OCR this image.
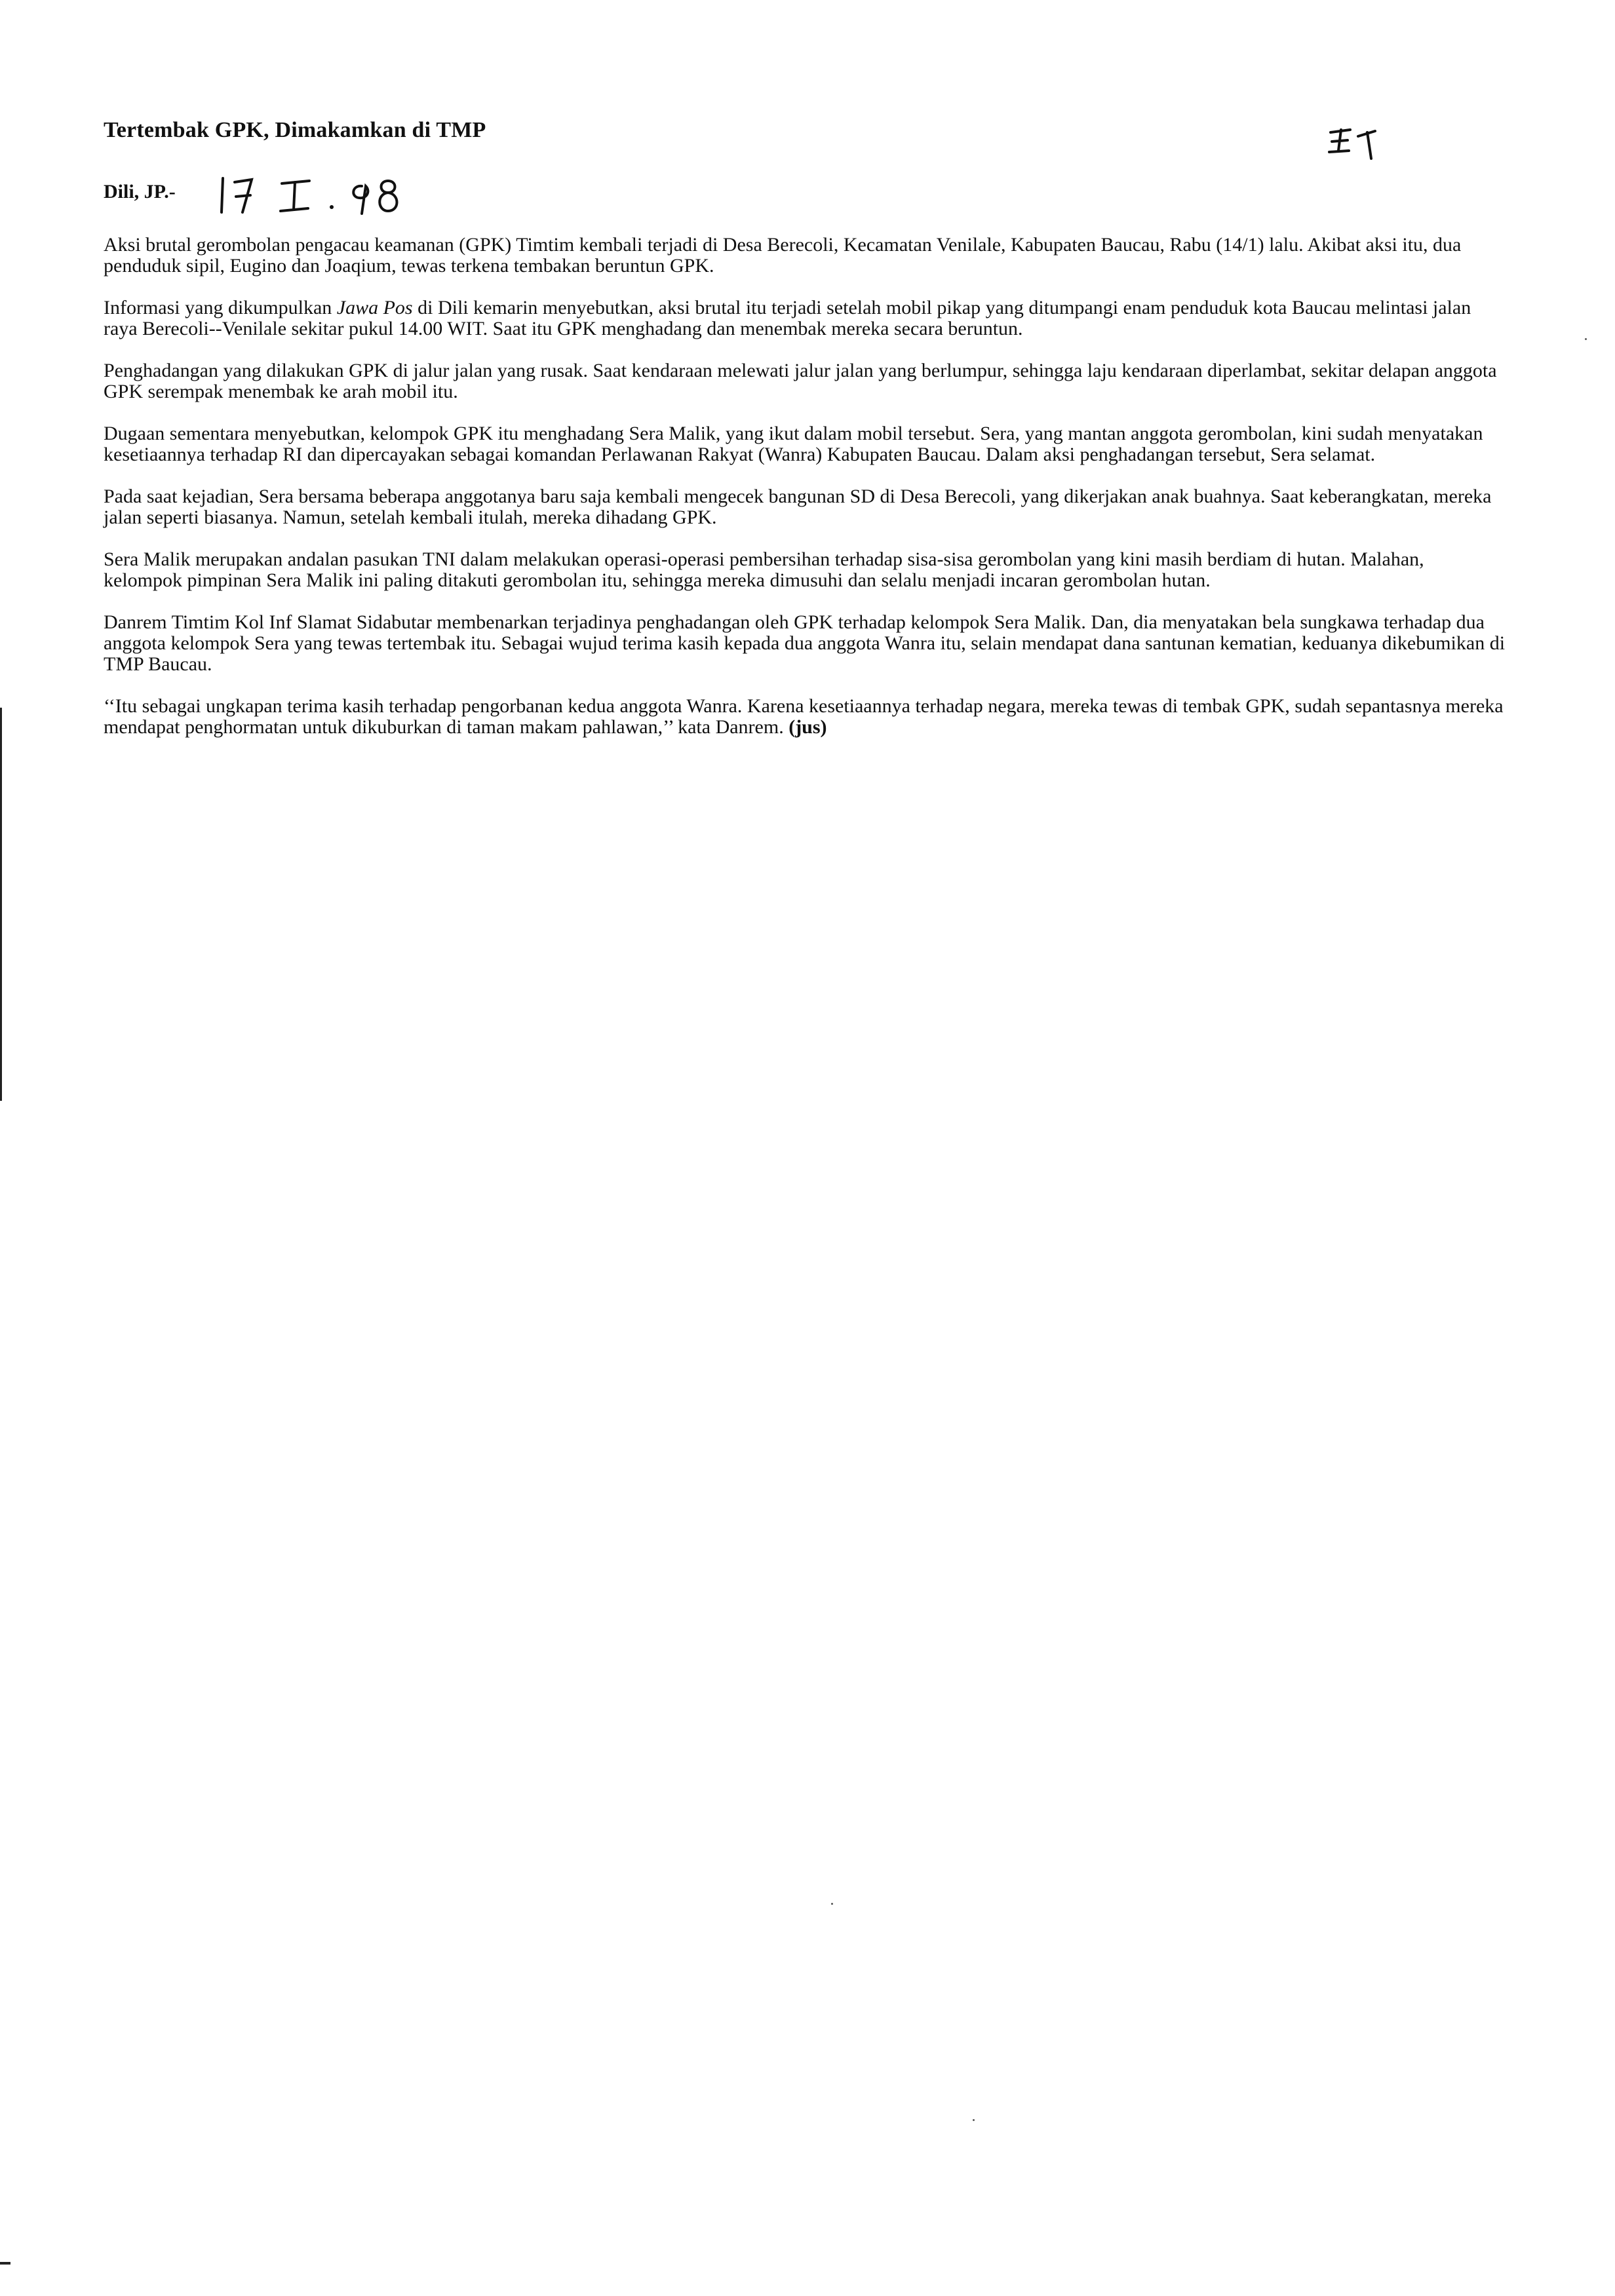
Tertembak GPK, Dimakamkan di TMP
Dili, JP.-

Aksi brutal gerombolan pengacau keamanan (GPK) Timtim kembali terjadi di Desa Berecoli, Kecamatan Venilale, Kabupaten Baucau, Rabu (14/1) lalu. Akibat aksi itu, dua penduduk sipil, Eugino dan Joaqium, tewas terkena tembakan beruntun GPK.

Informasi yang dikumpulkan Jawa Pos di Dili kemarin menyebutkan, aksi brutal itu terjadi setelah mobil pikap yang ditumpangi enam penduduk kota Baucau melintasi jalan raya Berecoli--Venilale sekitar pukul 14.00 WIT. Saat itu GPK menghadang dan menembak mereka secara beruntun.

Penghadangan yang dilakukan GPK di jalur jalan yang rusak. Saat kendaraan melewati jalur jalan yang berlumpur, sehingga laju kendaraan diperlambat, sekitar delapan anggota GPK serempak menembak ke arah mobil itu.

Dugaan sementara menyebutkan, kelompok GPK itu menghadang Sera Malik, yang ikut dalam mobil tersebut. Sera, yang mantan anggota gerombolan, kini sudah menyatakan kesetiaannya terhadap RI dan dipercayakan sebagai komandan Perlawanan Rakyat (Wanra) Kabupaten Baucau. Dalam aksi penghadangan tersebut, Sera selamat.

Pada saat kejadian, Sera bersama beberapa anggotanya baru saja kembali mengecek bangunan SD di Desa Berecoli, yang dikerjakan anak buahnya. Saat keberangkatan, mereka jalan seperti biasanya. Namun, setelah kembali itulah, mereka dihadang GPK.

Sera Malik merupakan andalan pasukan TNI dalam melakukan operasi-operasi pembersihan terhadap sisa-sisa gerombolan yang kini masih berdiam di hutan. Malahan, kelompok pimpinan Sera Malik ini paling ditakuti gerombolan itu, sehingga mereka dimusuhi dan selalu menjadi incaran gerombolan hutan.

Danrem Timtim Kol Inf Slamat Sidabutar membenarkan terjadinya penghadangan oleh GPK terhadap kelompok Sera Malik. Dan, dia menyatakan bela sungkawa terhadap dua anggota kelompok Sera yang tewas tertembak itu. Sebagai wujud terima kasih kepada dua anggota Wanra itu, selain mendapat dana santunan kematian, keduanya dikebumikan di TMP Baucau.

‘‘Itu sebagai ungkapan terima kasih terhadap pengorbanan kedua anggota Wanra. Karena kesetiaannya terhadap negara, mereka tewas di tembak GPK, sudah sepantasnya mereka mendapat penghormatan untuk dikuburkan di taman makam pahlawan,’’ kata Danrem. (jus)
